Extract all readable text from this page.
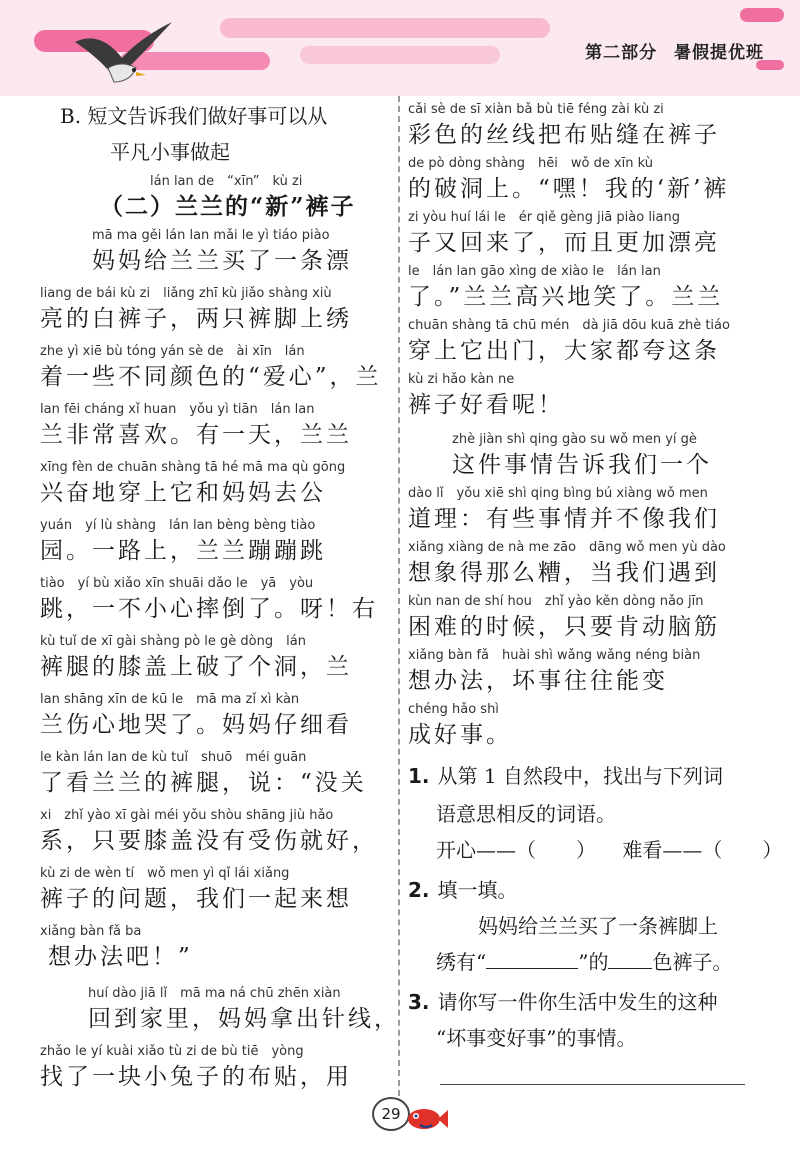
第二部分 暑假提优班
B. 短文告诉我们做好事可以从
平凡小事做起
lán lan de　“xīn”　kù zi
（二）兰兰的“新”裤子
mā ma gěi lán lan mǎi le yì tiáo piào
妈妈给兰兰买了一条漂
liang de bái kù zi　liǎng zhī kù jiǎo shàng xiù
亮的白裤子，两只裤脚上绣
zhe yì xiē bù tóng yán sè de　ài xīn　lán
着一些不同颜色的“爱心”，兰
lan fēi cháng xǐ huan　yǒu yì tiān　lán lan
兰非常喜欢。有一天，兰兰
xīng fèn de chuān shàng tā hé mā ma qù gōng
兴奋地穿上它和妈妈去公
yuán　yí lù shàng　lán lan bèng bèng tiào
园。一路上，兰兰蹦蹦跳
tiào　yí bù xiǎo xīn shuāi dǎo le　yā　yòu
跳，一不小心摔倒了。呀！右
kù tuǐ de xī gài shàng pò le gè dòng　lán
裤腿的膝盖上破了个洞，兰
lan shāng xīn de kū le　mā ma zǐ xì kàn
兰伤心地哭了。妈妈仔细看
le kàn lán lan de kù tuǐ　shuō　méi guān
了看兰兰的裤腿，说：“没关
xi　zhǐ yào xī gài méi yǒu shòu shāng jiù hǎo
系，只要膝盖没有受伤就好，
kù zi de wèn tí　wǒ men yì qǐ lái xiǎng
裤子的问题，我们一起来想
xiǎng bàn fǎ ba
想办法吧！”
huí dào jiā lǐ　mā ma ná chū zhēn xiàn
回到家里，妈妈拿出针线，
zhǎo le yí kuài xiǎo tù zi de bù tiē　yòng
找了一块小兔子的布贴，用
cǎi sè de sī xiàn bǎ bù tiē féng zài kù zi
彩色的丝线把布贴缝在裤子
de pò dòng shàng　hēi　wǒ de xīn kù
的破洞上。“嘿！我的‘新’裤
zi yòu huí lái le　ér qiě gèng jiā piào liang
子又回来了，而且更加漂亮
le　lán lan gāo xìng de xiào le　lán lan
了。”兰兰高兴地笑了。兰兰
chuān shàng tā chū mén　dà jiā dōu kuā zhè tiáo
穿上它出门，大家都夸这条
kù zi hǎo kàn ne
裤子好看呢！
zhè jiàn shì qing gào su wǒ men yí gè
这件事情告诉我们一个
dào lǐ　yǒu xiē shì qing bìng bú xiàng wǒ men
道理：有些事情并不像我们
xiǎng xiàng de nà me zāo　dāng wǒ men yù dào
想象得那么糟，当我们遇到
kùn nan de shí hou　zhǐ yào kěn dòng nǎo jīn
困难的时候，只要肯动脑筋
xiǎng bàn fǎ　huài shì wǎng wǎng néng biàn
想办法，坏事往往能变
chéng hǎo shì
成好事。
1. 从第 1 自然段中，找出与下列词
语意思相反的词语。
开心——（　　） 难看——（　　）
2. 填一填。
妈妈给兰兰买了一条裤脚上
绣有“	”的 色裤子。
3. 请你写一件你生活中发生的这种
“坏事变好事”的事情。
29
